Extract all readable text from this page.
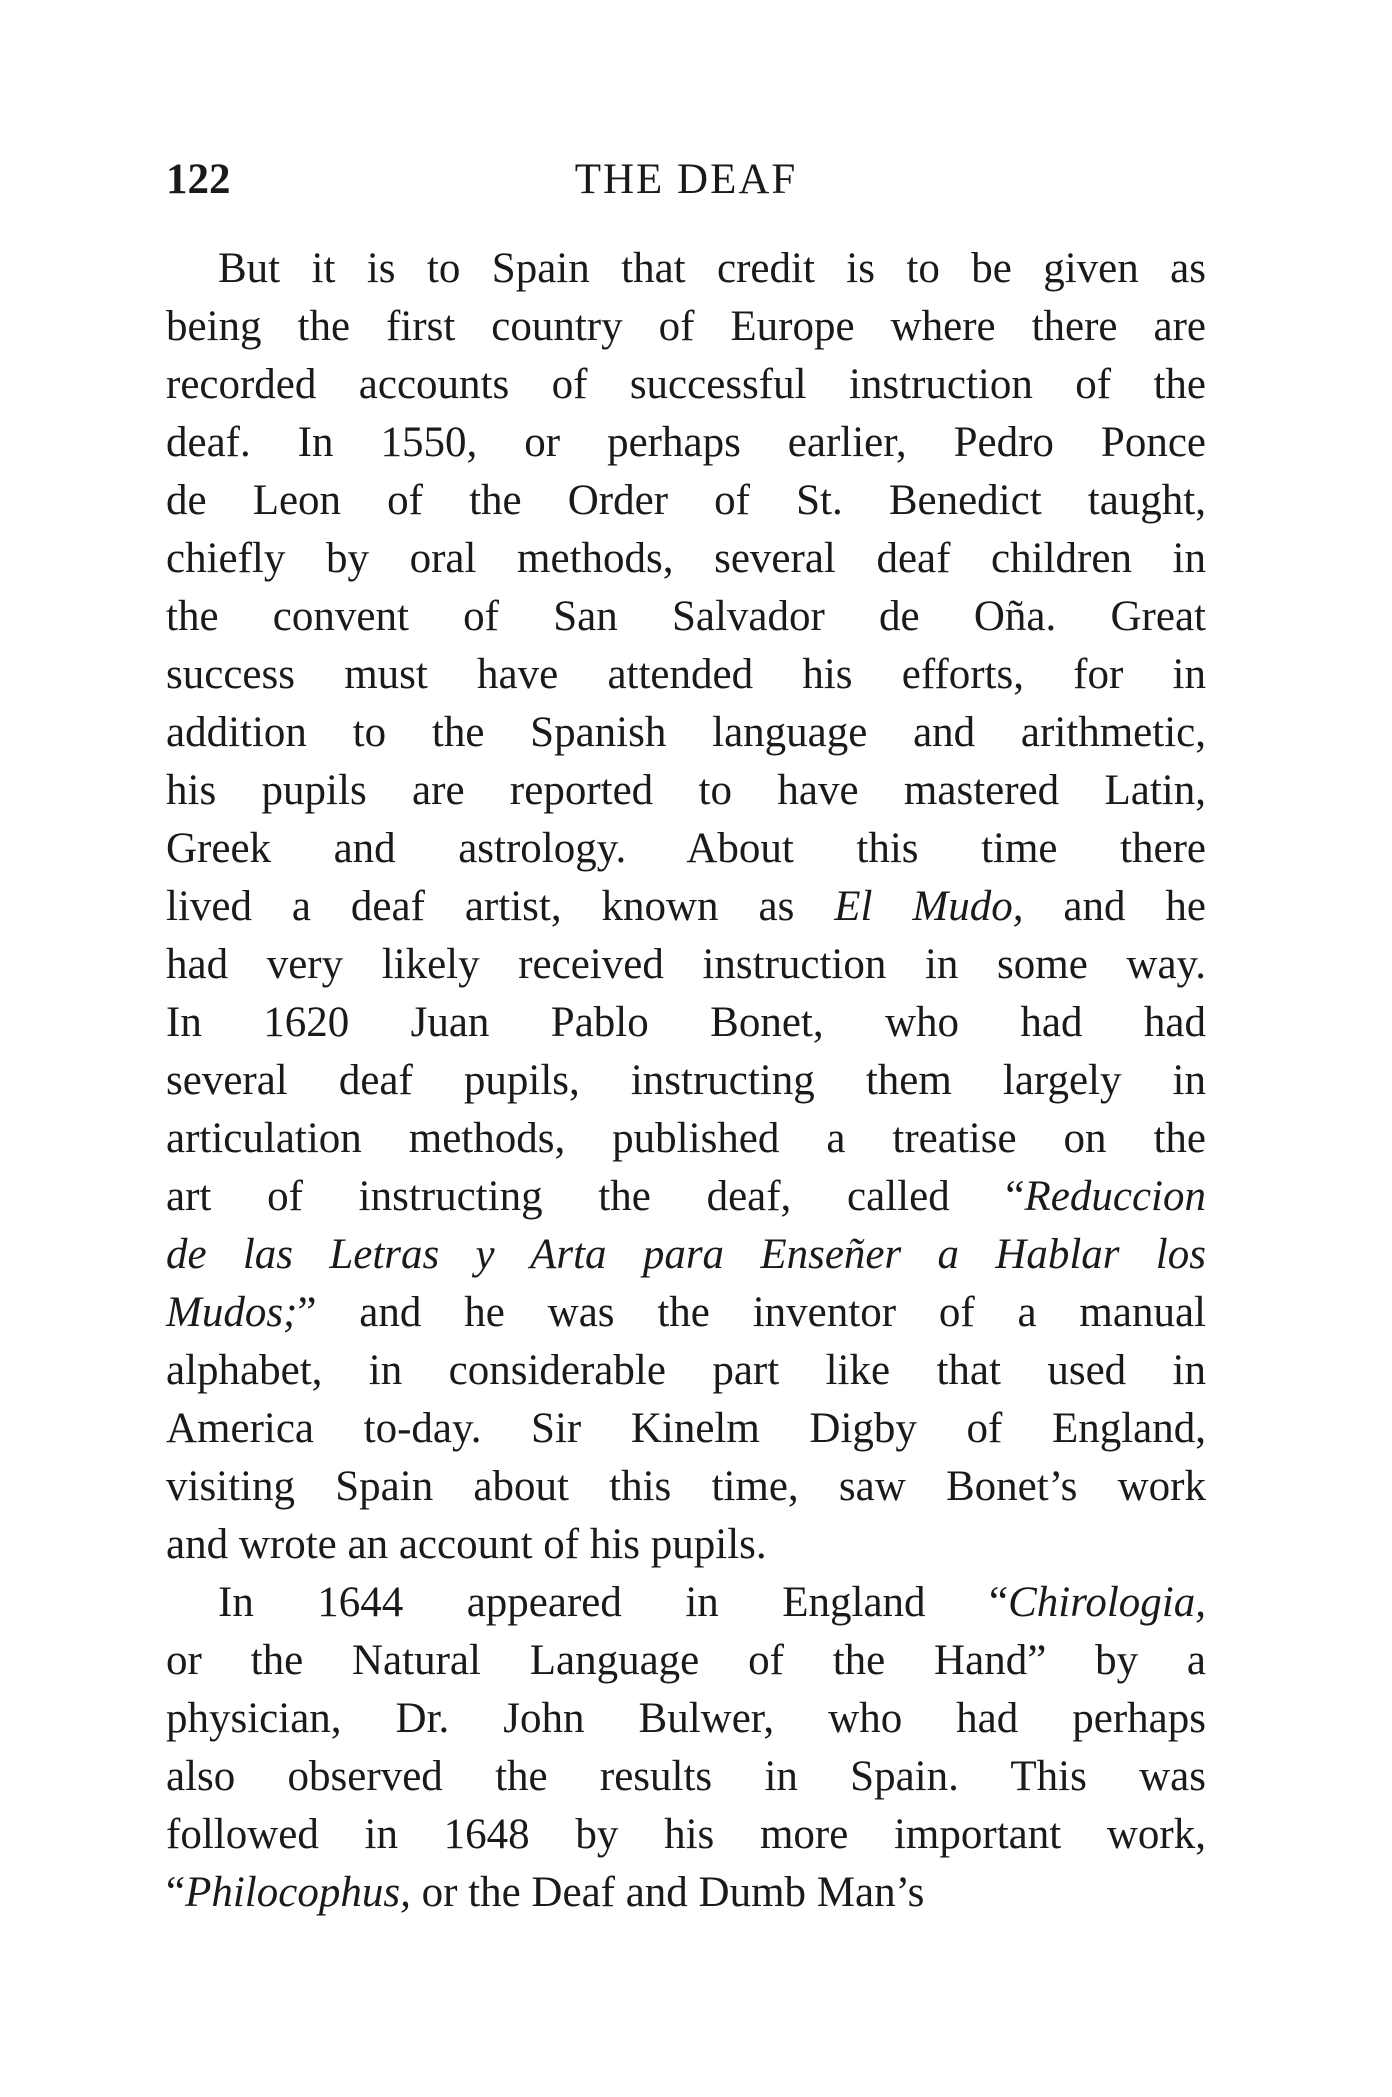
122	THE DEAF
But it is to Spain that credit is to be given as
being the first country of Europe where there are
recorded accounts of successful instruction of the
deaf. In 1550, or perhaps earlier, Pedro Ponce
de Leon of the Order of St. Benedict taught,
chiefly by oral methods, several deaf children in
the convent of San Salvador de Oña. Great
success must have attended his efforts, for in
addition to the Spanish language and arithmetic,
his pupils are reported to have mastered Latin,
Greek and astrology. About this time there
lived a deaf artist, known as El Mudo, and he
had very likely received instruction in some way.
In 1620 Juan Pablo Bonet, who had had
several deaf pupils, instructing them largely in
articulation methods, published a treatise on the
art of instructing the deaf, called “Reduccion
de las Letras y Arta para Enseñer a Hablar los
Mudos;” and he was the inventor of a manual
alphabet, in considerable part like that used in
America to-day. Sir Kinelm Digby of England,
visiting Spain about this time, saw Bonet’s work
and wrote an account of his pupils.
In 1644 appeared in England “Chirologia,
or the Natural Language of the Hand” by a
physician, Dr. John Bulwer, who had perhaps
also observed the results in Spain. This was
followed in 1648 by his more important work,
“Philocophus, or the Deaf and Dumb Man’s
